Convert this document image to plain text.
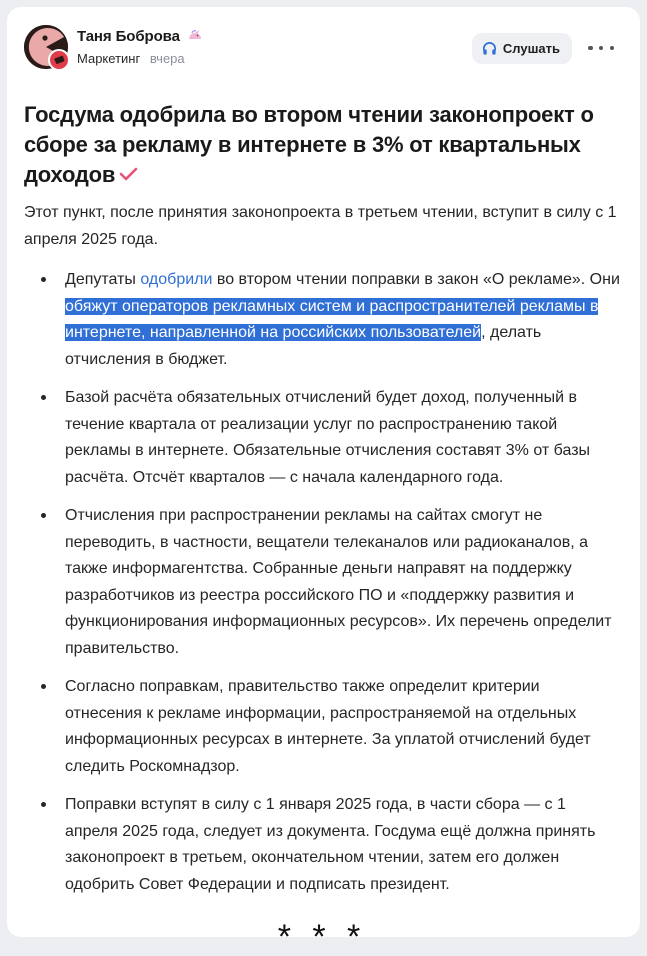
Таня Боброва
Маркетинг вчера
Слушать
Госдума одобрила во втором чтении законопроект о сборе за рекламу в интернете в 3% от квартальных доходов

Этот пункт, после принятия законопроекта в третьем чтении, вступит в силу с 1 апреля 2025 года.

• Депутаты одобрили во втором чтении поправки в закон «О рекламе». Они обяжут операторов рекламных систем и распространителей рекламы в интернете, направленной на российских пользователей, делать отчисления в бюджет.
• Базой расчёта обязательных отчислений будет доход, полученный в течение квартала от реализации услуг по распространению такой рекламы в интернете. Обязательные отчисления составят 3% от базы расчёта. Отсчёт кварталов — с начала календарного года.
• Отчисления при распространении рекламы на сайтах смогут не переводить, в частности, вещатели телеканалов или радиоканалов, а также информагентства. Собранные деньги направят на поддержку разработчиков из реестра российского ПО и «поддержку развития и функционирования информационных ресурсов». Их перечень определит правительство.
• Согласно поправкам, правительство также определит критерии отнесения к рекламе информации, распространяемой на отдельных информационных ресурсах в интернете. За уплатой отчислений будет следить Роскомнадзор.
• Поправки вступят в силу с 1 января 2025 года, в части сбора — с 1 апреля 2025 года, следует из документа. Госдума ещё должна принять законопроект в третьем, окончательном чтении, затем его должен одобрить Совет Федерации и подписать президент.
* * *
